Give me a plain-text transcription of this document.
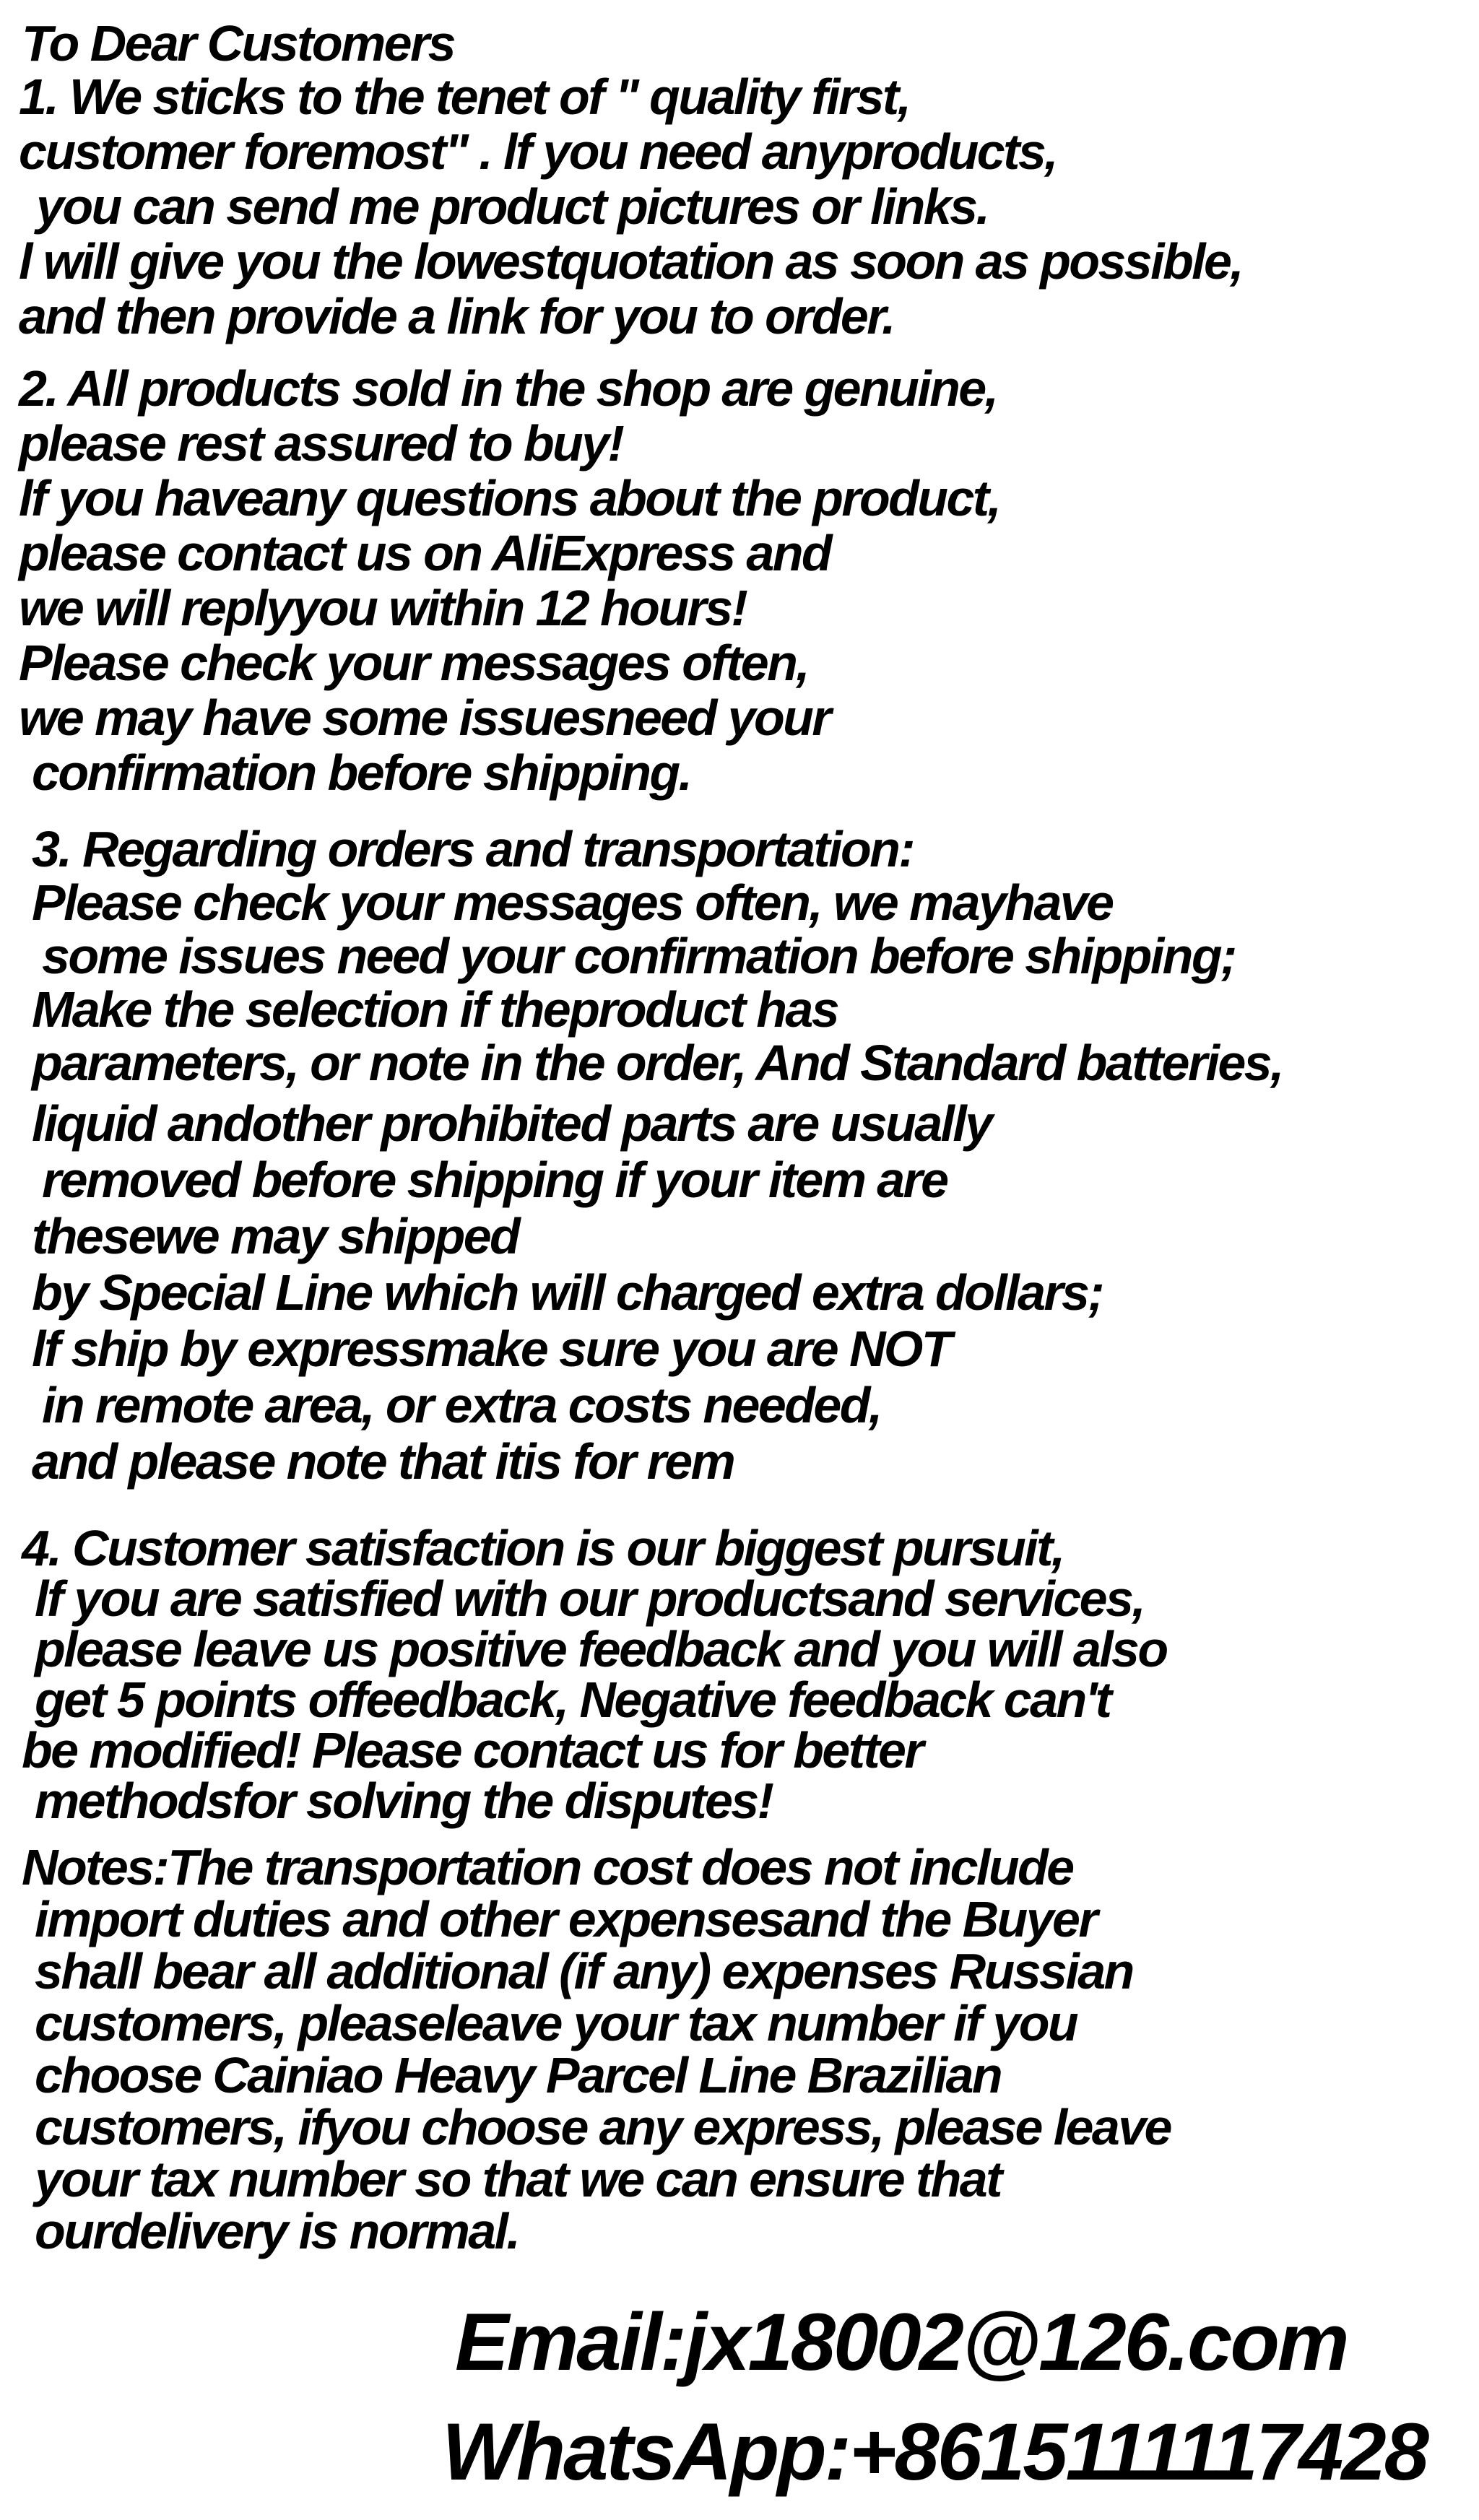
To Dear Customers
1. We sticks to the tenet of " quality first,
customer foremost" . lf you need anyproducts,
you can send me product pictures or links.
l will give you the lowestquotation as soon as possible,
and then provide a link for you to order.
2. All products sold in the shop are genuine,
please rest assured to buy!
lf you haveany questions about the product,
please contact us on AliExpress and
we will replyyou within 12 hours!
Please check your messages often,
we may have some issuesneed your
confirmation before shipping.
3. Regarding orders and transportation:
Please check your messages often, we mayhave
some issues need your confirmation before shipping;
Make the selection if theproduct has
parameters, or note in the order, And Standard batteries,
liquid andother prohibited parts are usually
removed before shipping if your item are
thesewe may shipped
by Special Line which will charged extra dollars;
lf ship by expressmake sure you are NOT
in remote area, or extra costs needed,
and please note that itis for rem
4. Customer satisfaction is our biggest pursuit,
lf you are satisfied with our productsand services,
please leave us positive feedback and you will also
get 5 points offeedback, Negative feedback can't
be modified! Please contact us for better
methodsfor solving the disputes!
Notes:The transportation cost does not include
import duties and other expensesand the Buyer
shall bear all additional (if any) expenses Russian
customers, pleaseleave your tax number if you
choose Cainiao Heavy Parcel Line Brazilian
customers, ifyou choose any express, please leave
your tax number so that we can ensure that
ourdelivery is normal.
Email:jx18002@126.com
WhatsApp:+8615111117428
